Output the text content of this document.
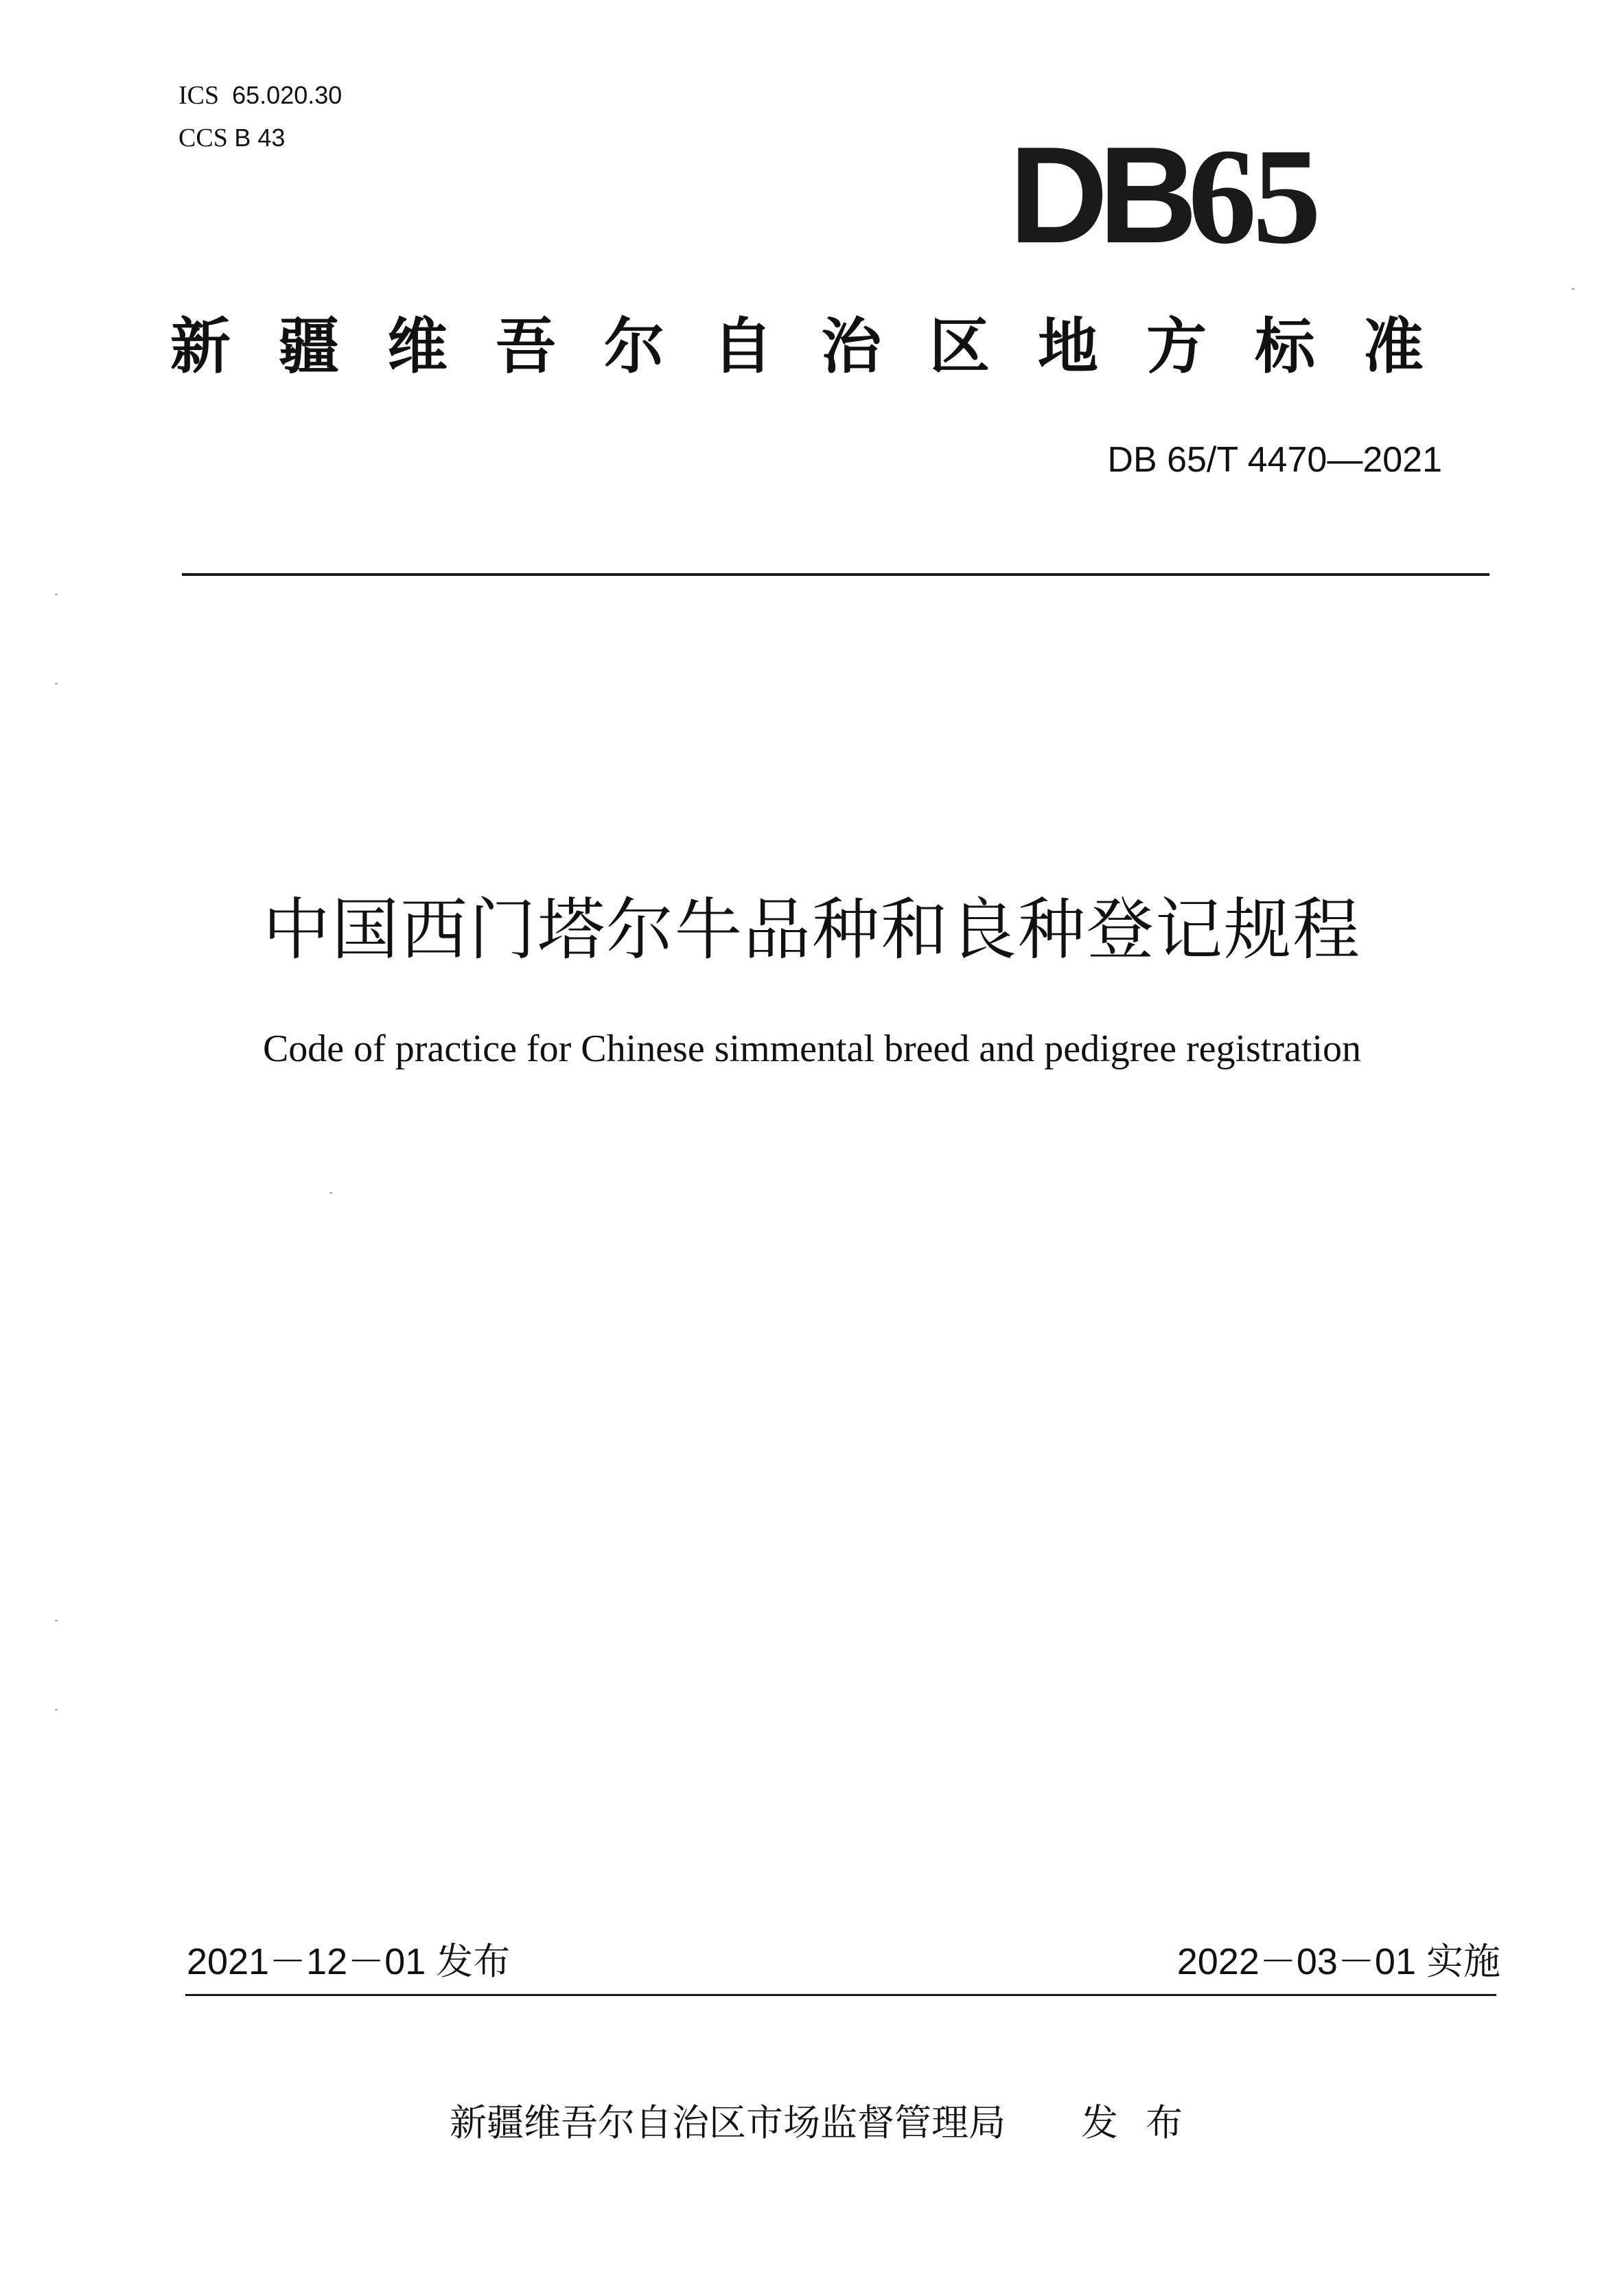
ICS 65.020.30
CCS B 43	DB65
新疆维吾尔自治区地方标准
DB 65/T 4470—2021
中国西门塔尔牛品种和良种登记规程
Code of practice for Chinese simmental breed and pedigree registration
2021－12－01 发布	2022－03－01 实施
新疆维吾尔自治区市场监督管理局 发布
